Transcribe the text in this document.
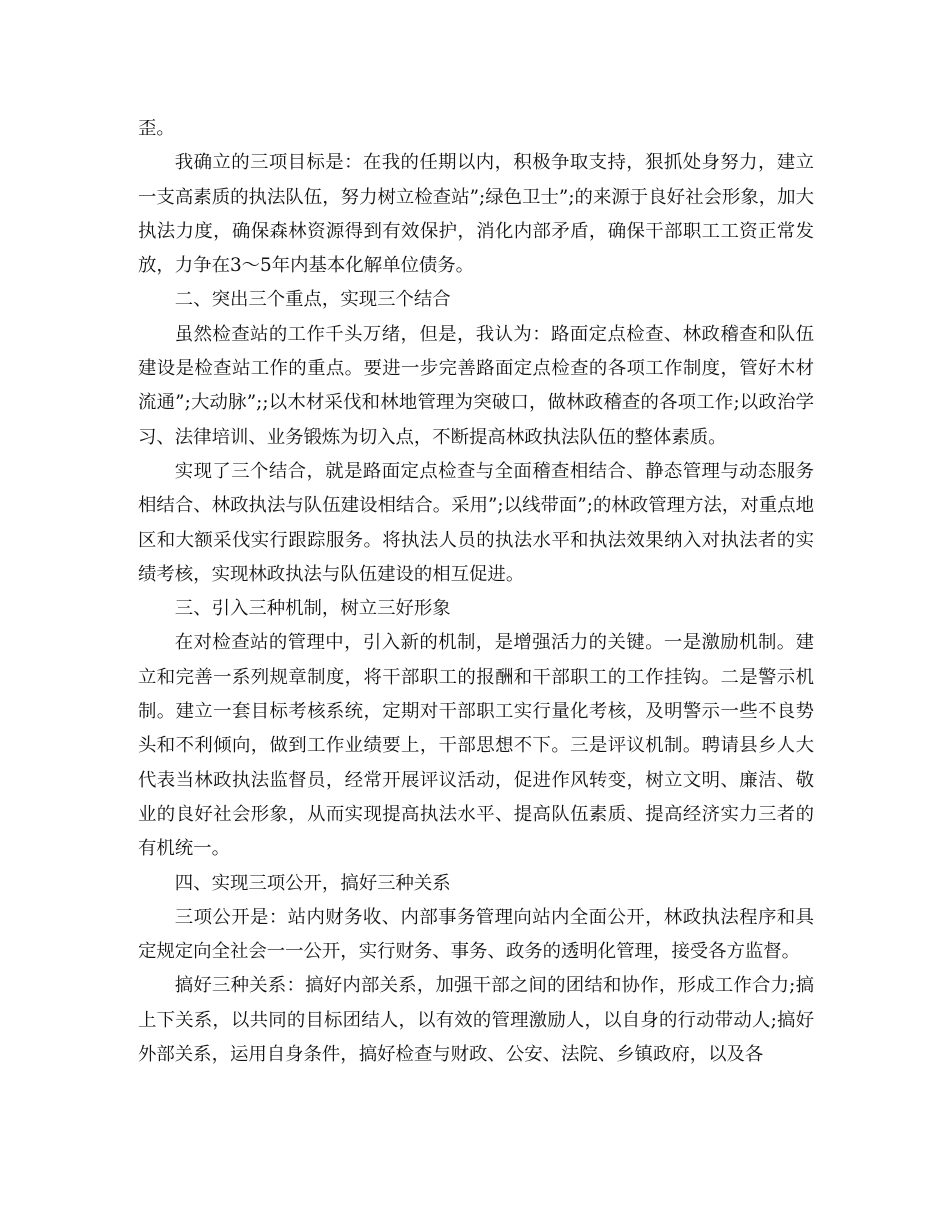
歪。

我确立的三项目标是：在我的任期以内，积极争取支持，狠抓处身努力，建立一支高素质的执法队伍，努力树立检查站”;绿色卫士”;的来源于良好社会形象，加大执法力度，确保森林资源得到有效保护，消化内部矛盾，确保干部职工工资正常发放，力争在3～5年内基本化解单位债务。

二、突出三个重点，实现三个结合

虽然检查站的工作千头万绪，但是，我认为：路面定点检查、林政稽查和队伍建设是检查站工作的重点。要进一步完善路面定点检查的各项工作制度，管好木材流通”;大动脉”;;以木材采伐和林地管理为突破口，做林政稽查的各项工作;以政治学习、法律培训、业务锻炼为切入点，不断提高林政执法队伍的整体素质。

实现了三个结合，就是路面定点检查与全面稽查相结合、静态管理与动态服务相结合、林政执法与队伍建设相结合。采用”;以线带面”;的林政管理方法，对重点地区和大额采伐实行跟踪服务。将执法人员的执法水平和执法效果纳入对执法者的实绩考核，实现林政执法与队伍建设的相互促进。

三、引入三种机制，树立三好形象

在对检查站的管理中，引入新的机制，是增强活力的关键。一是激励机制。建立和完善一系列规章制度，将干部职工的报酬和干部职工的工作挂钩。二是警示机制。建立一套目标考核系统，定期对干部职工实行量化考核，及明警示一些不良势头和不利倾向，做到工作业绩要上，干部思想不下。三是评议机制。聘请县乡人大代表当林政执法监督员，经常开展评议活动，促进作风转变，树立文明、廉洁、敬业的良好社会形象，从而实现提高执法水平、提高队伍素质、提高经济实力三者的有机统一。

四、实现三项公开，搞好三种关系

三项公开是：站内财务收、内部事务管理向站内全面公开，林政执法程序和具定规定向全社会一一公开，实行财务、事务、政务的透明化管理，接受各方监督。

搞好三种关系：搞好内部关系，加强干部之间的团结和协作，形成工作合力;搞上下关系，以共同的目标团结人，以有效的管理激励人，以自身的行动带动人;搞好外部关系，运用自身条件，搞好检查与财政、公安、法院、乡镇政府，以及各
